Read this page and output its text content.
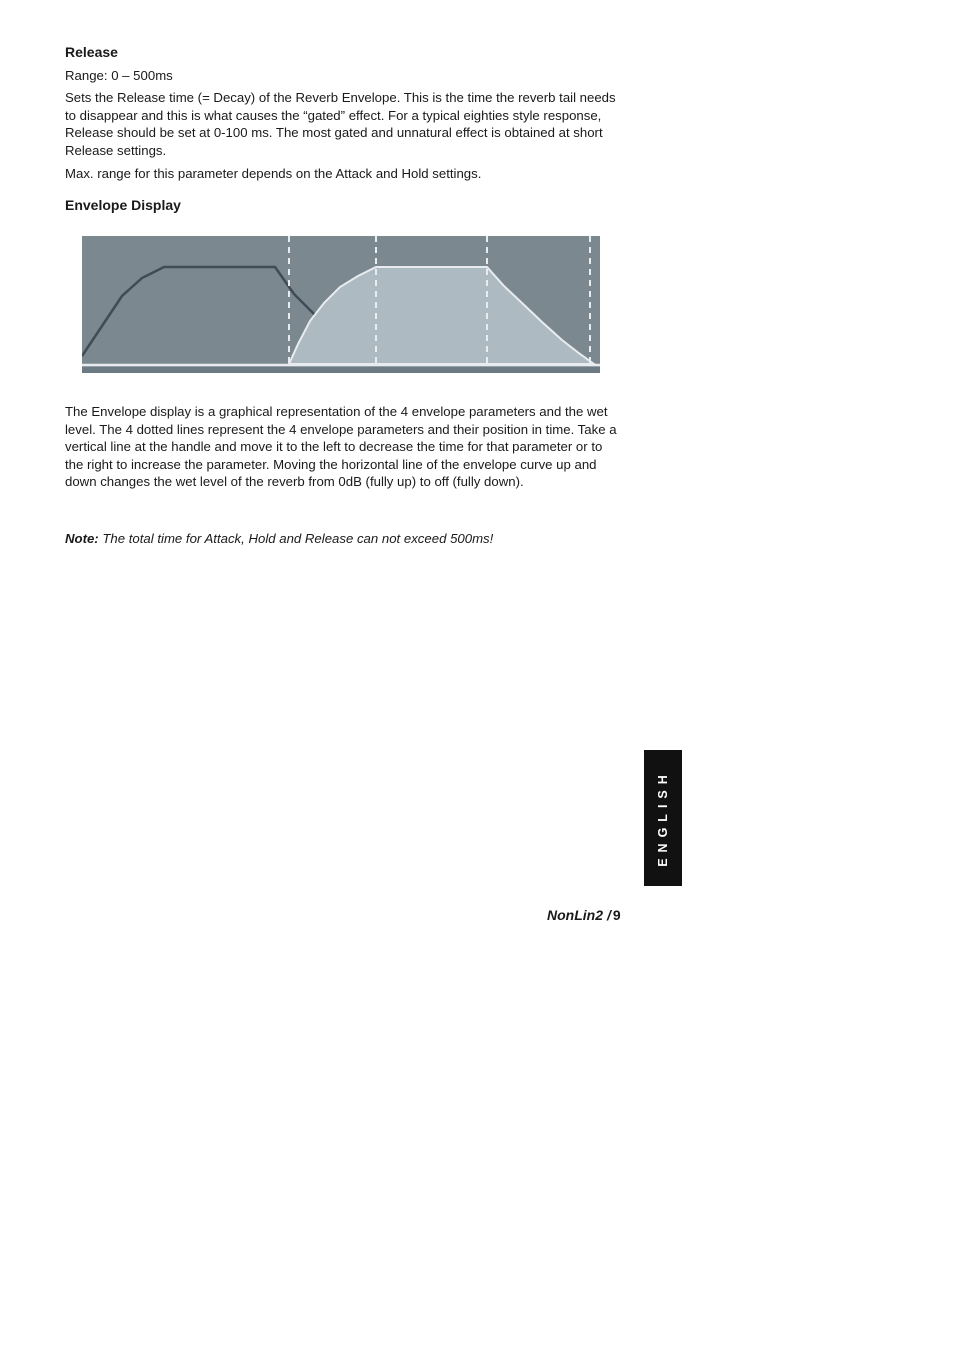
Release

Range: 0 – 500ms

Sets the Release time (= Decay) of the Reverb Envelope. This is the time the reverb tail needs to disappear and this is what causes the “gated” effect. For a typical eighties style response, Release should be set at 0-100 ms. The most gated and unnatural effect is obtained at short Release settings.

Max. range for this parameter depends on the Attack and Hold settings.

Envelope Display

The Envelope display is a graphical representation of the 4 envelope parameters and the wet level. The 4 dotted lines represent the 4 envelope parameters and their position in time. Take a vertical line at the handle and move it to the left to decrease the time for that parameter or to the right to increase the parameter. Moving the horizontal line of the envelope curve up and down changes the wet level of the reverb from 0dB (fully up) to off (fully down).

Note: The total time for Attack, Hold and Release can not exceed 500ms!

ENGLISH
NonLin2 / 9
